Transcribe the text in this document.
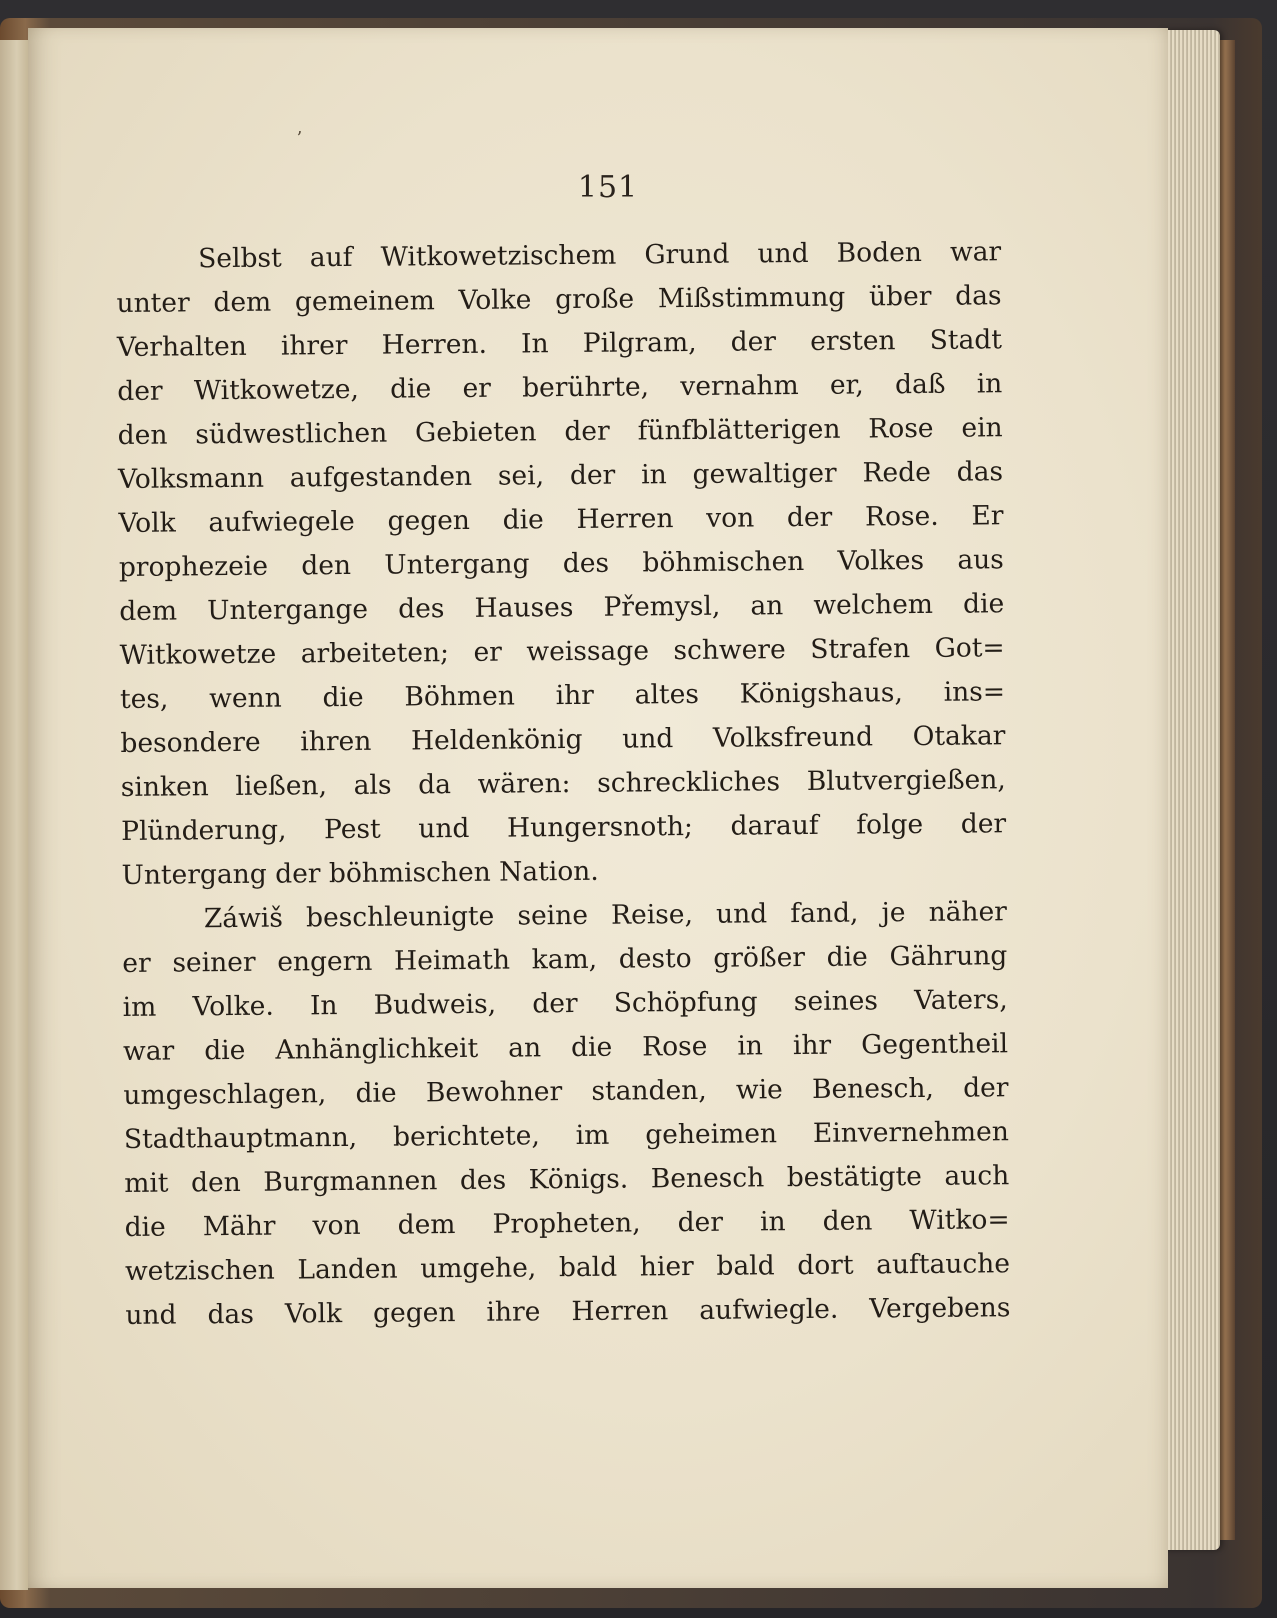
ʼ
151
Selbst auf Witkowetzischem Grund und Boden war
unter dem gemeinem Volke große Mißstimmung über das
Verhalten ihrer Herren. In Pilgram, der ersten Stadt
der Witkowetze, die er berührte, vernahm er, daß in
den südwestlichen Gebieten der fünfblätterigen Rose ein
Volksmann aufgestanden sei, der in gewaltiger Rede das
Volk aufwiegele gegen die Herren von der Rose. Er
prophezeie den Untergang des böhmischen Volkes aus
dem Untergange des Hauses Přemysl, an welchem die
Witkowetze arbeiteten; er weissage schwere Strafen Got=
tes, wenn die Böhmen ihr altes Königshaus, ins=
besondere ihren Heldenkönig und Volksfreund Otakar
sinken ließen, als da wären: schreckliches Blutvergießen,
Plünderung, Pest und Hungersnoth; darauf folge der
Untergang der böhmischen Nation.
Záwiš beschleunigte seine Reise, und fand, je näher
er seiner engern Heimath kam, desto größer die Gährung
im Volke. In Budweis, der Schöpfung seines Vaters,
war die Anhänglichkeit an die Rose in ihr Gegentheil
umgeschlagen, die Bewohner standen, wie Benesch, der
Stadthauptmann, berichtete, im geheimen Einvernehmen
mit den Burgmannen des Königs. Benesch bestätigte auch
die Mähr von dem Propheten, der in den Witko=
wetzischen Landen umgehe, bald hier bald dort auftauche
und das Volk gegen ihre Herren aufwiegle. Vergebens
